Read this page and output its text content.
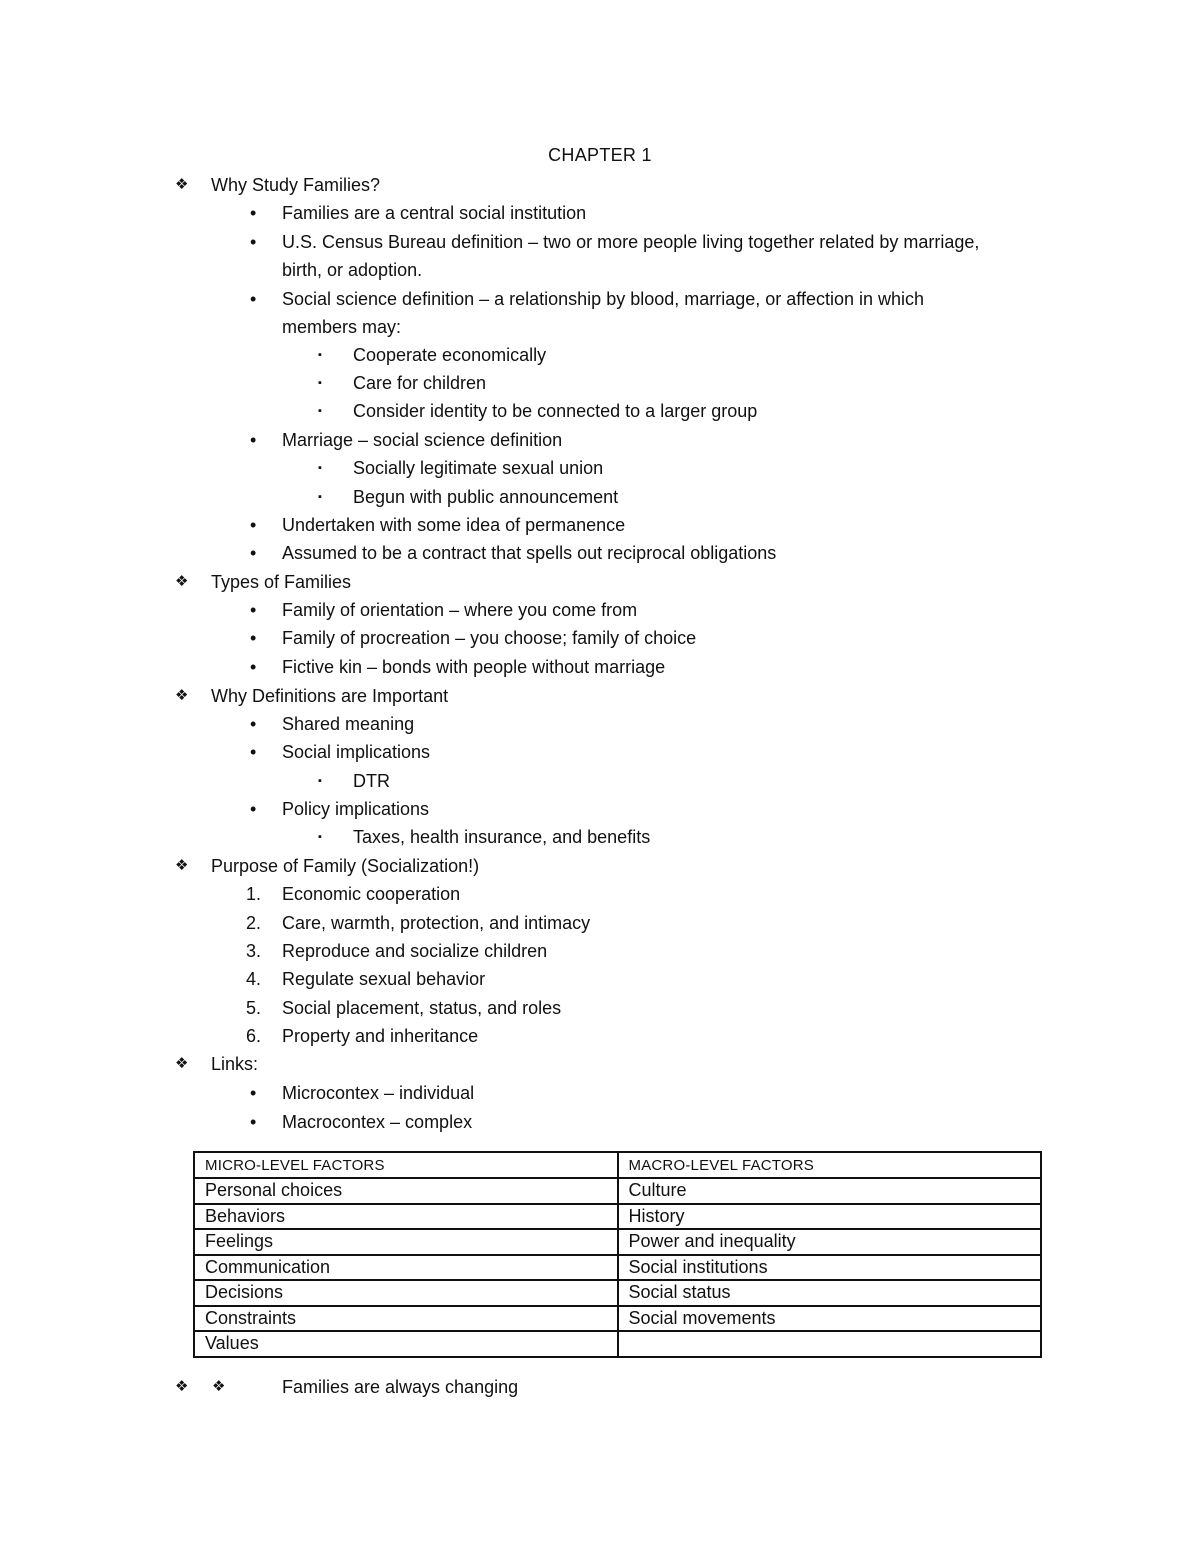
CHAPTER 1
❖ Why Study Families?
• Families are a central social institution
• U.S. Census Bureau definition – two or more people living together related by marriage,
birth, or adoption.
• Social science definition – a relationship by blood, marriage, or affection in which
members may:
▪ Cooperate economically
▪ Care for children
▪ Consider identity to be connected to a larger group
• Marriage – social science definition
▪ Socially legitimate sexual union
▪ Begun with public announcement
• Undertaken with some idea of permanence
• Assumed to be a contract that spells out reciprocal obligations
❖ Types of Families
• Family of orientation – where you come from
• Family of procreation – you choose; family of choice
• Fictive kin – bonds with people without marriage
❖ Why Definitions are Important
• Shared meaning
• Social implications
▪ DTR
• Policy implications
▪ Taxes, health insurance, and benefits
❖ Purpose of Family (Socialization!)
1. Economic cooperation
2. Care, warmth, protection, and intimacy
3. Reproduce and socialize children
4. Regulate sexual behavior
5. Social placement, status, and roles
6. Property and inheritance
❖ Links:
• Microcontex – individual
• Macrocontex – complex
MICRO-LEVEL FACTORS	MACRO-LEVEL FACTORS
Personal choices	Culture
Behaviors	History
Feelings	Power and inequality
Communication	Social institutions
Decisions	Social status
Constraints	Social movements
Values	
❖ ❖	Families are always changing
